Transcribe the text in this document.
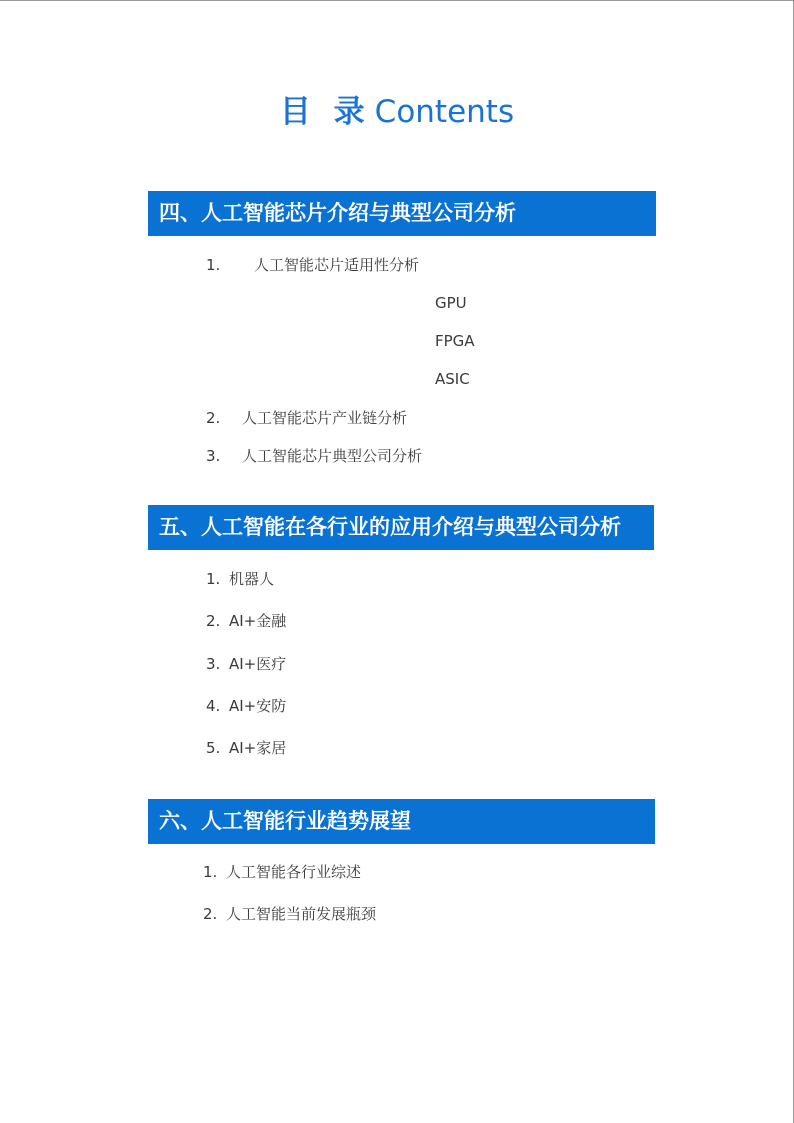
目 录 Contents
四、人工智能芯片介绍与典型公司分析
1. 人工智能芯片适用性分析
GPU
FPGA
ASIC
2. 人工智能芯片产业链分析
3. 人工智能芯片典型公司分析
五、人工智能在各行业的应用介绍与典型公司分析
1. 机器人
2. AI+金融
3. AI+医疗
4. AI+安防
5. AI+家居
六、人工智能行业趋势展望
1. 人工智能各行业综述
2. 人工智能当前发展瓶颈
